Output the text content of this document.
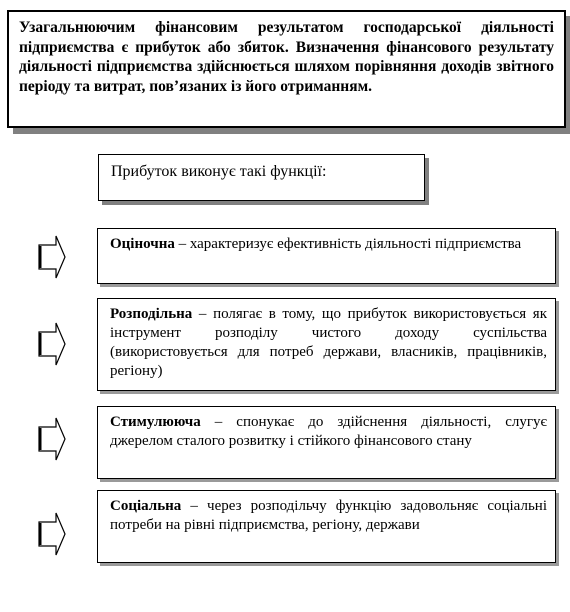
Узагальнюючим фінансовим результатом господарської діяльності підприємства є прибуток або збиток. Визначення фінансового результату діяльності підприємства здійснюється шляхом порівняння доходів звітного періоду та витрат, пов’язаних із його отриманням.
Прибуток виконує такі функції:
Оціночна – характеризує ефективність діяльності підприємства
Розподільна – полягає в тому, що прибуток використовується як інструмент розподілу чистого доходу суспільства (використовується для потреб держави, власників, працівників, регіону)
Стимулююча – спонукає до здійснення діяльності, слугує джерелом сталого розвитку і стійкого фінансового стану
Соціальна – через розподільчу функцію задовольняє соціальні потреби на рівні підприємства, регіону, держави
